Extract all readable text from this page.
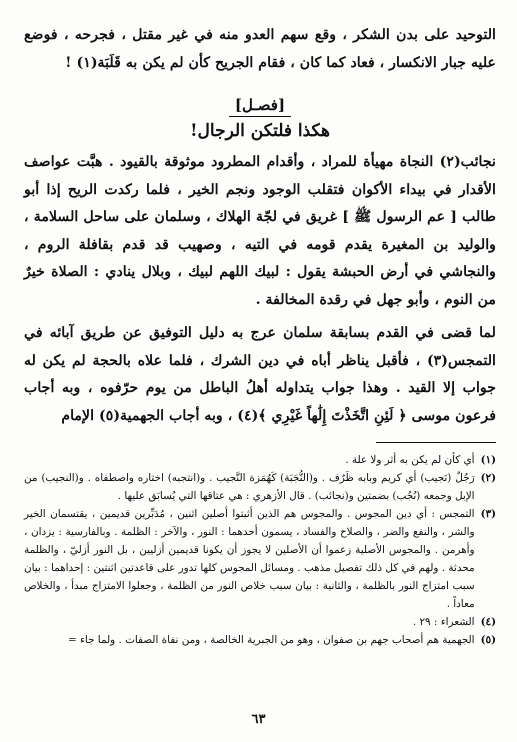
التوحيد على بدن الشكر ، وقع سهم العدو منه في غير مقتل ، فجرحه ، فوضع عليه جبار الانكسار ، فعاد كما كان ، فقام الجريح كأن لم يكن به قَلَبَة(١) !

[فصـل]
هكذا فلتكن الرجال!

نجائب(٢) النجاة مهيأة للمراد ، وأقدام المطرود موثوقة بالقيود . هبَّت عواصف الأقدار في بيداء الأكوان فتقلب الوجود ونجم الخير ، فلما ركدت الريح إذا أبو طالب [ عم الرسول ﷺ ] غريق في لجّة الهلاك ، وسلمان على ساحل السلامة ، والوليد بن المغيرة يقدم قومه في التيه ، وصهيب قد قدم بقافلة الروم ، والنجاشي في أرض الحبشة يقول : لبيك اللهم لبيك ، وبلال ينادي : الصلاة خيرٌ من النوم ، وأبو جهل في رقدة المخالفة .

لما قضى في القدم بسابقة سلمان عرج به دليل التوفيق عن طريق آبائه في التمجس(٣) ، فأقبل يناظر أباه في دين الشرك ، فلما علاه بالحجة لم يكن له جواب إلا القيد . وهذا جواب يتداوله أهلُ الباطل من يوم حرّفوه ، وبه أجاب فرعون موسى ﴿ لَئِنِ اتَّخَذْتَ إِلَٰهاً غَيْرِي ﴾(٤) ، وبه أجاب الجهمية(٥) الإمام

(١)
أي كأن لم يكن به أثر ولا علة .
(٢)
رَجُلٌ (نَجيب) أي كريم وبابه ظَرُف . و(النُّجَبَة) كَهُمَزة النَّجيب . و(انتجبه) اختاره واصطفاه . و(النجيب) من الإبل وجمعه (نُجُب) بضمتين و(نجائب) . قال الأزهري : هي عتاقها التي يُسابَق عليها .
(٣)
التمجس : أي دين المجوس . والمجوس هم الذين أثبتوا أصلين اثنين ، مُدَبِّرين قديمين ، يقتسمان الخير والشر ، والنفع والضر ، والصلاح والفساد ، يسمون أحدهما : النور ، والآخر : الظلمة . وبالفارسية : يزدان ، وأهرمن . والمجوس الأصلية زعموا أن الأصلين لا يجوز أن يكونا قديمين أزليين ، بل النور أزليّ ، والظلمة محدثة . ولهم في كل ذلك تفصيل مذهب . ومسائل المجوس كلها تدور على قاعدتين اثنتين : إحداهما : بيان سبب امتزاج النور بالظلمة ، والثانية : بيان سبب خلاص النور من الظلمة ، وجعلوا الامتزاج مبدأ ، والخلاص معاداً .
(٤)
الشعراء : ٢٩ .
(٥)
الجهمية هم أصحاب جهم بن صفوان ، وهو من الجبرية الخالصة ، ومن نفاة الصفات . ولما جاء =
٦٣
